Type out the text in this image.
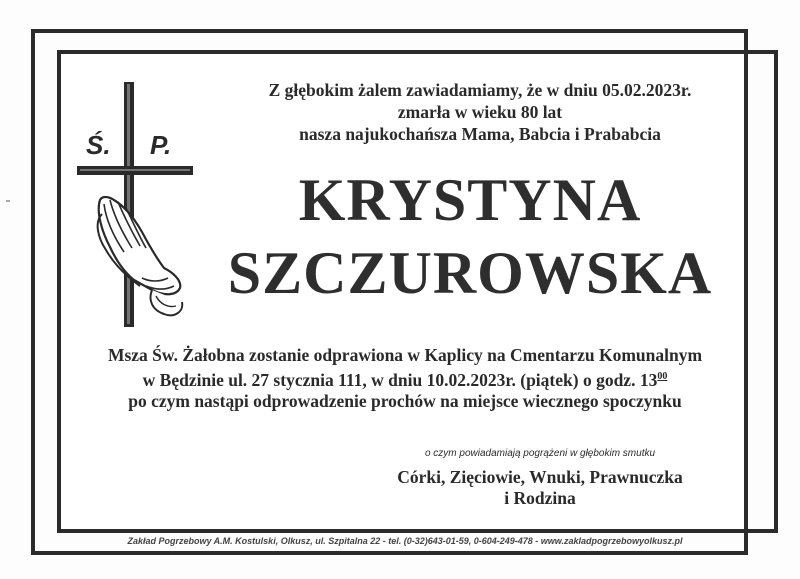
Z głębokim żalem zawiadamiamy, że w dniu 05.02.2023r.
zmarła w wieku 80 lat
nasza najukochańsza Mama, Babcia i Prababcia
Ś. P.
KRYSTYNA
SZCZUROWSKA
Msza Św. Żałobna zostanie odprawiona w Kaplicy na Cmentarzu Komunalnym
w Będzinie ul. 27 stycznia 111, w dniu 10.02.2023r. (piątek) o godz. $13^{00}$
po czym nastąpi odprowadzenie prochów na miejsce wiecznego spoczynku
o czym powiadamiają pogrążeni w głębokim smutku
Córki, Zięciowie, Wnuki, Prawnuczka
i Rodzina
Zakład Pogrzebowy A.M. Kostulski, Olkusz, ul. Szpitalna 22 - tel. (0-32)643-01-59, 0-604-249-478 - www.zakladpogrzebowyolkusz.pl
